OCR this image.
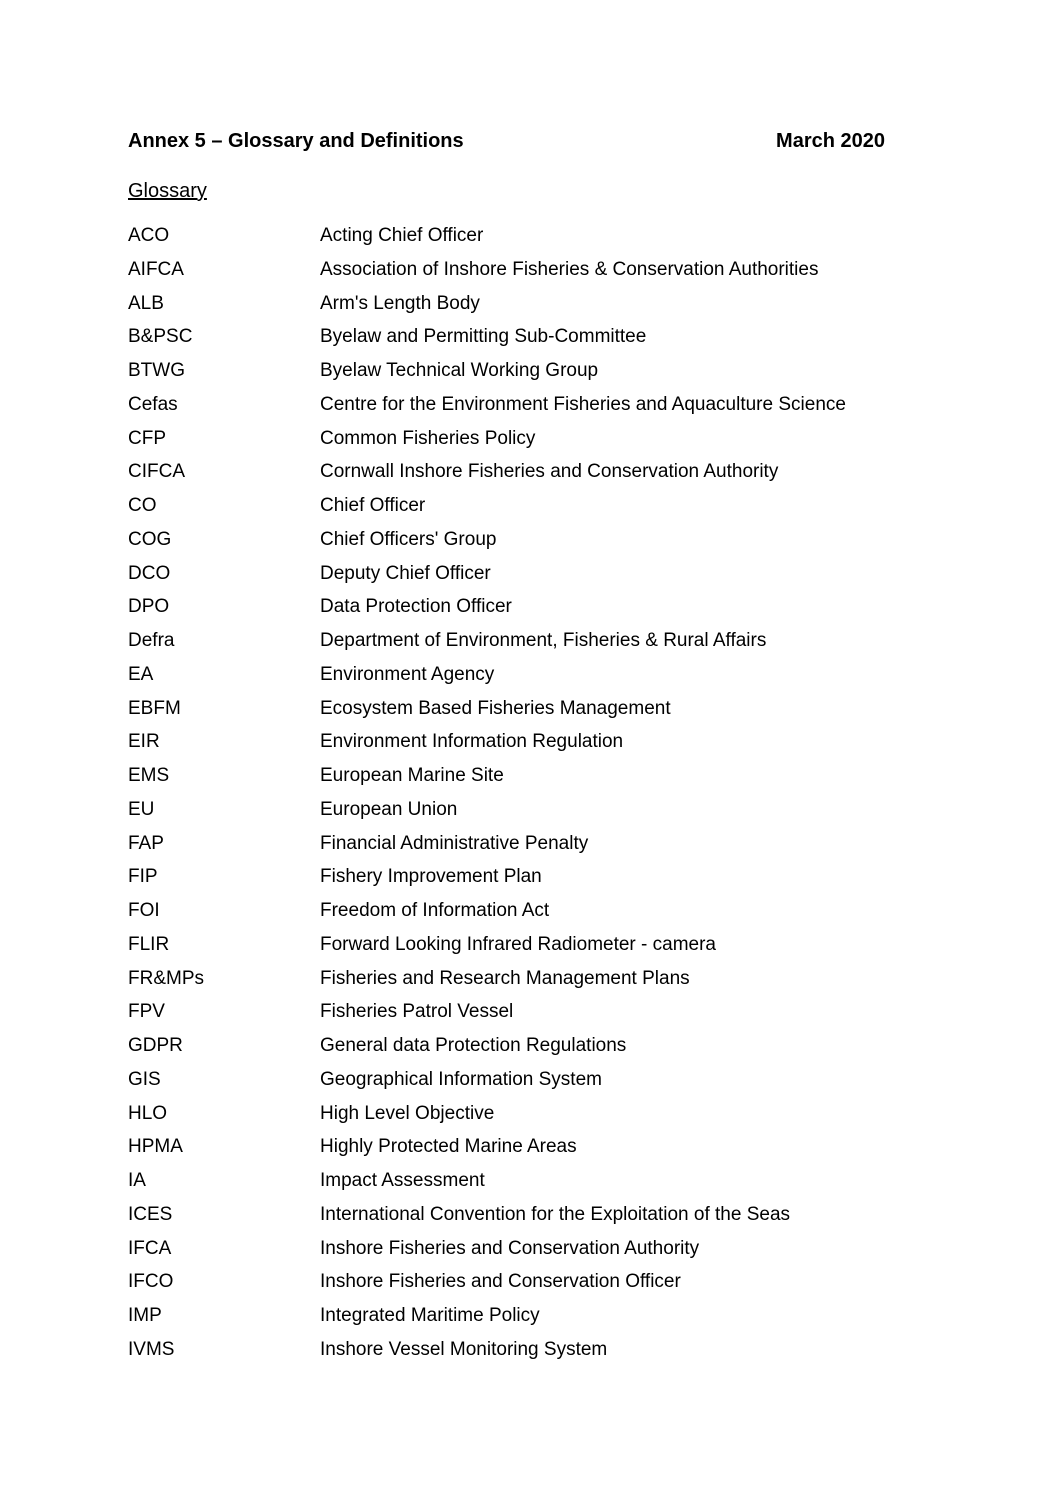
Annex 5 – Glossary and Definitions	March 2020
Glossary
ACO	Acting Chief Officer
AIFCA	Association of Inshore Fisheries & Conservation Authorities
ALB	Arm's Length Body
B&PSC	Byelaw and Permitting Sub-Committee
BTWG	Byelaw Technical Working Group
Cefas	Centre for the Environment Fisheries and Aquaculture Science
CFP	Common Fisheries Policy
CIFCA	Cornwall Inshore Fisheries and Conservation Authority
CO	Chief Officer
COG	Chief Officers' Group
DCO	Deputy Chief Officer
DPO	Data Protection Officer
Defra	Department of Environment, Fisheries & Rural Affairs
EA	Environment Agency
EBFM	Ecosystem Based Fisheries Management
EIR	Environment Information Regulation
EMS	European Marine Site
EU	European Union
FAP	Financial Administrative Penalty
FIP	Fishery Improvement Plan
FOI	Freedom of Information Act
FLIR	Forward Looking Infrared Radiometer - camera
FR&MPs	Fisheries and Research Management Plans
FPV	Fisheries Patrol Vessel
GDPR	General data Protection Regulations
GIS	Geographical Information System
HLO	High Level Objective
HPMA	Highly Protected Marine Areas
IA	Impact Assessment
ICES	International Convention for the Exploitation of the Seas
IFCA	Inshore Fisheries and Conservation Authority
IFCO	Inshore Fisheries and Conservation Officer
IMP	Integrated Maritime Policy
IVMS	Inshore Vessel Monitoring System
